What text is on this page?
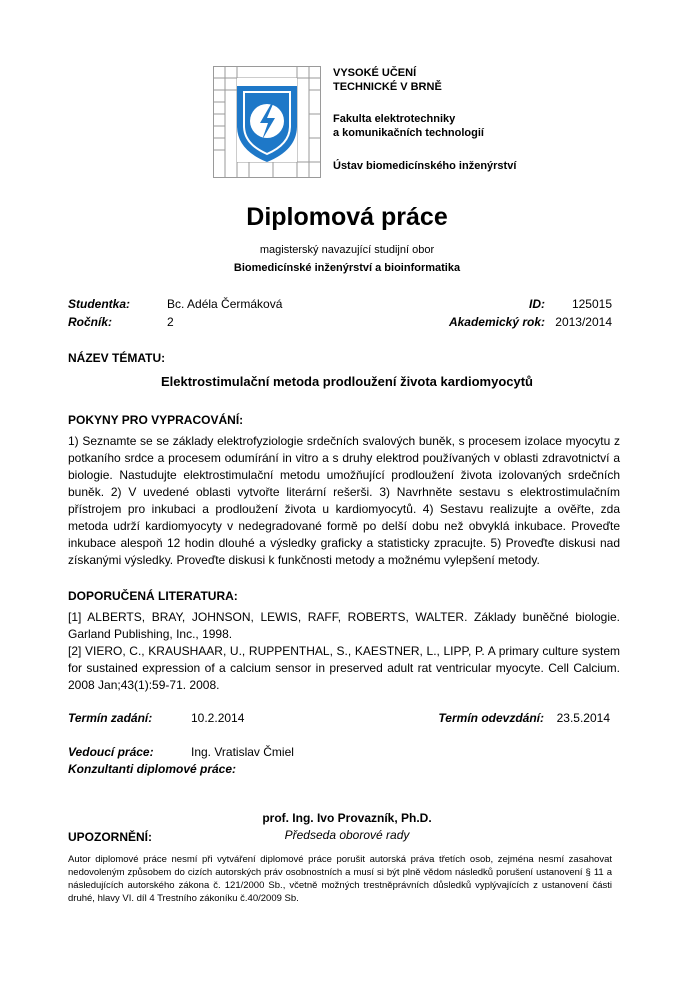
VYSOKÉ UČENÍ
TECHNICKÉ V BRNĚ
Fakulta elektrotechniky
a komunikačních technologií
Ústav biomedicínského inženýrství
Diplomová práce
magisterský navazující studijní obor
Biomedicínské inženýrství a bioinformatika
Studentka:	Bc. Adéla Čermáková	ID: 125015
Ročník:	2	Akademický rok: 2013/2014
NÁZEV TÉMATU:
Elektrostimulační metoda prodloužení života kardiomyocytů
POKYNY PRO VYPRACOVÁNÍ:
1) Seznamte se se základy elektrofyziologie srdečních svalových buněk, s procesem izolace myocytu z potkaního srdce a procesem odumírání in vitro a s druhy elektrod používaných v oblasti zdravotnictví a biologie. Nastudujte elektrostimulační metodu umožňující prodloužení života izolovaných srdečních buněk. 2) V uvedené oblasti vytvořte literární rešerši. 3) Navrhněte sestavu s elektrostimulačním přístrojem pro inkubaci a prodloužení života u kardiomyocytů. 4) Sestavu realizujte a ověřte, zda metoda udrží kardiomyocyty v nedegradované formě po delší dobu než obvyklá inkubace. Proveďte inkubace alespoň 12 hodin dlouhé a výsledky graficky a statisticky zpracujte. 5) Proveďte diskusi nad získanými výsledky. Proveďte diskusi k funkčnosti metody a možnému vylepšení metody.
DOPORUČENÁ LITERATURA:
[1] ALBERTS, BRAY, JOHNSON, LEWIS, RAFF, ROBERTS, WALTER. Základy buněčné biologie. Garland Publishing, Inc., 1998.
[2] VIERO, C., KRAUSHAAR, U., RUPPENTHAL, S., KAESTNER, L., LIPP, P. A primary culture system for sustained expression of a calcium sensor in preserved adult rat ventricular myocyte. Cell Calcium. 2008 Jan;43(1):59-71. 2008.
Termín zadání:	10.2.2014	Termín odevzdání: 23.5.2014
Vedoucí práce:	Ing. Vratislav Čmiel
Konzultanti diplomové práce:
prof. Ing. Ivo Provazník, Ph.D.
Předseda oborové rady
UPOZORNĚNÍ:
Autor diplomové práce nesmí při vytváření diplomové práce porušit autorská práva třetích osob, zejména nesmí zasahovat nedovoleným způsobem do cizích autorských práv osobnostních a musí si být plně vědom následků porušení ustanovení § 11 a následujících autorského zákona č. 121/2000 Sb., včetně možných trestněprávních důsledků vyplývajících z ustanovení části druhé, hlavy VI. díl 4 Trestního zákoníku č.40/2009 Sb.
